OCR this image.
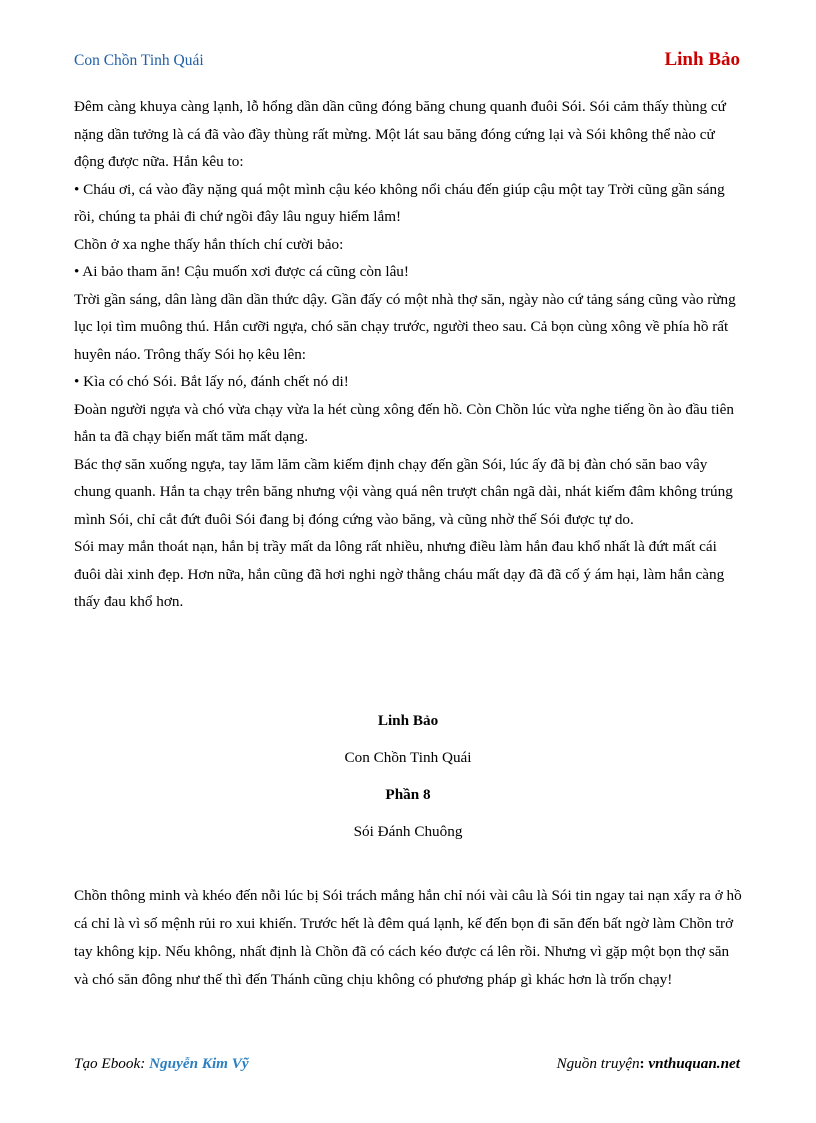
Con Chồn Tinh Quái	Linh Bảo

Đêm càng khuya càng lạnh, lỗ hổng dần dần cũng đóng băng chung quanh đuôi Sói. Sói cảm thấy thùng cứ nặng dần tưởng là cá đã vào đầy thùng rất mừng. Một lát sau băng đóng cứng lại và Sói không thể nào cử động được nữa. Hắn kêu to:

• Cháu ơi, cá vào đầy nặng quá một mình cậu kéo không nổi cháu đến giúp cậu một tay Trời cũng gần sáng rồi, chúng ta phải đi chứ ngồi đây lâu nguy hiểm lắm!

Chồn ở xa nghe thấy hắn thích chí cười bảo:

• Ai bảo tham ăn! Cậu muốn xơi được cá cũng còn lâu!

Trời gần sáng, dân làng dần dần thức dậy. Gần đấy có một nhà thợ săn, ngày nào cứ tảng sáng cũng vào rừng lục lọi tìm muông thú. Hắn cưỡi ngựa, chó săn chạy trước, người theo sau. Cả bọn cùng xông về phía hồ rất huyên náo. Trông thấy Sói họ kêu lên:

• Kìa có chó Sói. Bắt lấy nó, đánh chết nó di!

Đoàn người ngựa và chó vừa chạy vừa la hét cùng xông đến hồ. Còn Chồn lúc vừa nghe tiếng ồn ào đầu tiên hắn ta đã chạy biến mất tăm mất dạng.

Bác thợ săn xuống ngựa, tay lăm lăm cầm kiếm định chạy đến gần Sói, lúc ấy đã bị đàn chó săn bao vây chung quanh. Hắn ta chạy trên băng nhưng vội vàng quá nên trượt chân ngã dài, nhát kiếm đâm không trúng mình Sói, chỉ cắt đứt đuôi Sói đang bị đóng cứng vào băng, và cũng nhờ thế Sói được tự do.

Sói may mắn thoát nạn, hắn bị trầy mất da lông rất nhiều, nhưng điều làm hắn đau khổ nhất là đứt mất cái đuôi dài xinh đẹp. Hơn nữa, hắn cũng đã hơi nghi ngờ thằng cháu mất dạy đã đã cố ý ám hại, làm hắn càng thấy đau khổ hơn.

Linh Bảo
Con Chồn Tinh Quái
Phần 8
Sói Đánh Chuông

Chồn thông minh và khéo đến nỗi lúc bị Sói trách mắng hắn chỉ nói vài câu là Sói tin ngay tai nạn xẩy ra ở hồ cá chỉ là vì số mệnh rủi ro xui khiến. Trước hết là đêm quá lạnh, kế đến bọn đi săn đến bất ngờ làm Chồn trở tay không kịp. Nếu không, nhất định là Chồn đã có cách kéo được cá lên rồi. Nhưng vì gặp một bọn thợ săn và chó săn đông như thế thì đến Thánh cũng chịu không có phương pháp gì khác hơn là trốn chạy!

Tạo Ebook: Nguyễn Kim Vỹ	Nguồn truyện: vnthuquan.net
